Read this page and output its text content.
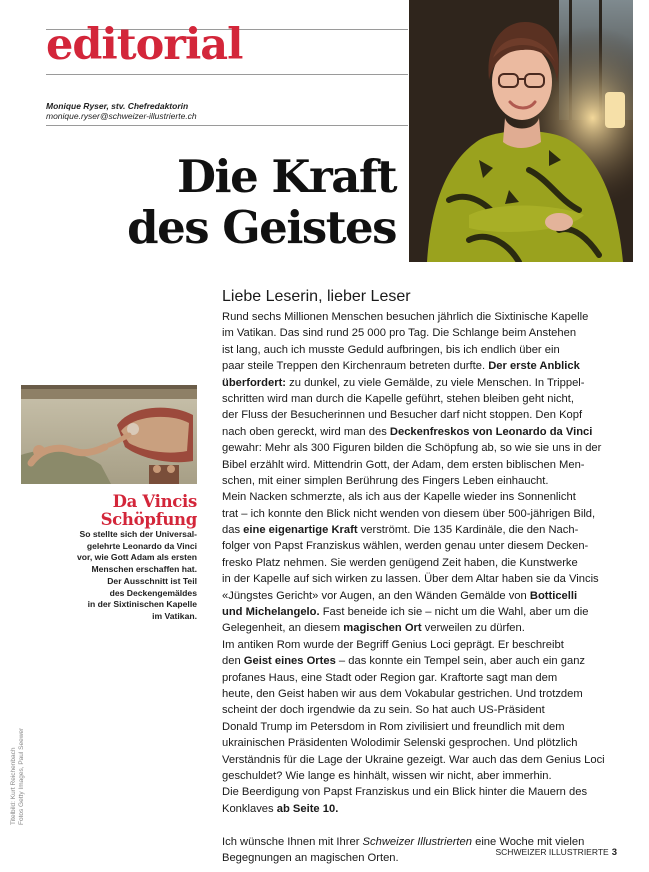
editorial
Monique Ryser, stv. Chefredaktorin
monique.ryser@schweizer-illustrierte.ch
Die Kraft
des Geistes
Da Vincis
Schöpfung
So stellte sich der Universal-
gelehrte Leonardo da Vinci
vor, wie Gott Adam als ersten
Menschen erschaffen hat.
Der Ausschnitt ist Teil
des Deckengemäldes
in der Sixtinischen Kapelle
im Vatikan.
Titelbild: Kurt Reichenbach Fotos Getty Images, Paul Seewer
Liebe Leserin, lieber Leser
Rund sechs Millionen Menschen besuchen jährlich die Sixtinische Kapelle
im Vatikan. Das sind rund 25 000 pro Tag. Die Schlange beim Anstehen
ist lang, auch ich musste Geduld aufbringen, bis ich endlich über ein
paar steile Treppen den Kirchenraum betreten durfte. Der erste Anblick
überfordert: zu dunkel, zu viele Gemälde, zu viele Menschen. In Trippel-
schritten wird man durch die Kapelle geführt, stehen bleiben geht nicht,
der Fluss der Besucherinnen und Besucher darf nicht stoppen. Den Kopf
nach oben gereckt, wird man des Deckenfreskos von Leonardo da Vinci
gewahr: Mehr als 300 Figuren bilden die Schöpfung ab, so wie sie uns in der
Bibel erzählt wird. Mittendrin Gott, der Adam, dem ersten biblischen Men-
schen, mit einer simplen Berührung des Fingers Leben einhaucht.
Mein Nacken schmerzte, als ich aus der Kapelle wieder ins Sonnenlicht
trat – ich konnte den Blick nicht wenden von diesem über 500-jährigen Bild,
das eine eigenartige Kraft verströmt. Die 135 Kardinäle, die den Nach-
folger von Papst Franziskus wählen, werden genau unter diesem Decken-
fresko Platz nehmen. Sie werden genügend Zeit haben, die Kunstwerke
in der Kapelle auf sich wirken zu lassen. Über dem Altar haben sie da Vincis
«Jüngstes Gericht» vor Augen, an den Wänden Gemälde von Botticelli
und Michelangelo. Fast beneide ich sie – nicht um die Wahl, aber um die
Gelegenheit, an diesem magischen Ort verweilen zu dürfen.
Im antiken Rom wurde der Begriff Genius Loci geprägt. Er beschreibt
den Geist eines Ortes – das konnte ein Tempel sein, aber auch ein ganz
profanes Haus, eine Stadt oder Region gar. Kraftorte sagt man dem
heute, den Geist haben wir aus dem Vokabular gestrichen. Und trotzdem
scheint der doch irgendwie da zu sein. So hat auch US-Präsident
Donald Trump im Petersdom in Rom zivilisiert und freundlich mit dem
ukrainischen Präsidenten Wolodimir Selenski gesprochen. Und plötzlich
Verständnis für die Lage der Ukraine gezeigt. War auch das dem Genius Loci
geschuldet? Wie lange es hinhält, wissen wir nicht, aber immerhin.
Die Beerdigung von Papst Franziskus und ein Blick hinter die Mauern des
Konklaves ab Seite 10.
Ich wünsche Ihnen mit Ihrer Schweizer Illustrierten eine Woche mit vielen
Begegnungen an magischen Orten.	SCHWEIZER ILLUSTRIERTE 3
